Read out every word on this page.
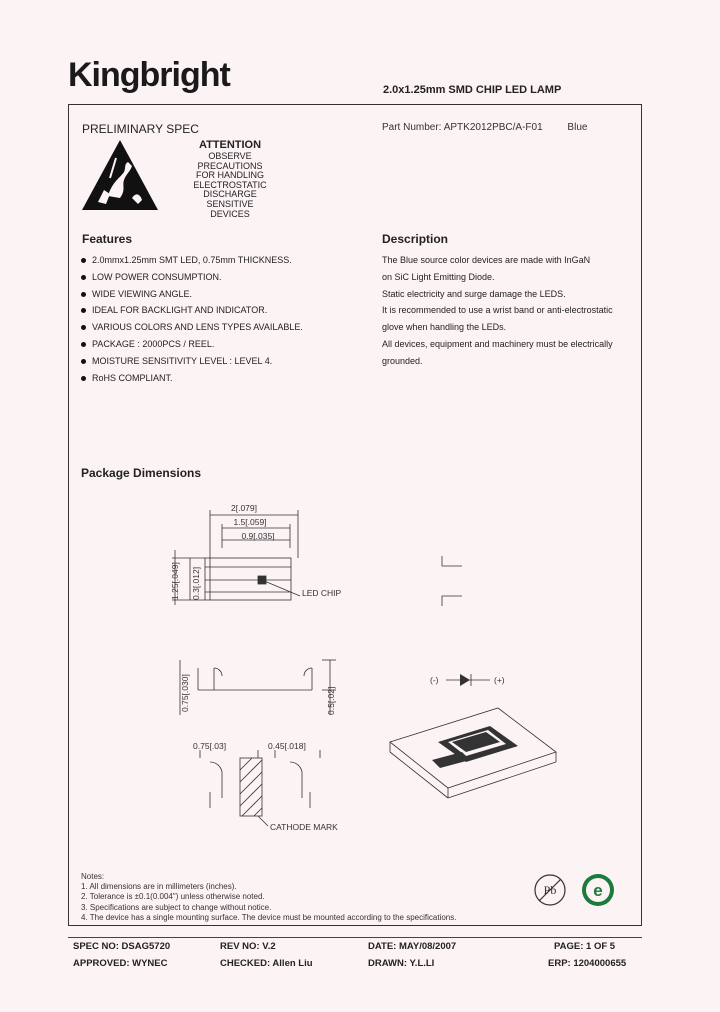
Kingbright	2.0x1.25mm SMD CHIP LED LAMP
PRELIMINARY SPEC	Part Number: APTK2012PBC/A-F01 Blue
ATTENTION
OBSERVE PRECAUTIONS
FOR HANDLING
ELECTROSTATIC
DISCHARGE
SENSITIVE
DEVICES
Features
2.0mmx1.25mm SMT LED, 0.75mm THICKNESS.
LOW POWER CONSUMPTION.
WIDE VIEWING ANGLE.
IDEAL FOR BACKLIGHT AND INDICATOR.
VARIOUS COLORS AND LENS TYPES AVAILABLE.
PACKAGE : 2000PCS / REEL.
MOISTURE SENSITIVITY LEVEL : LEVEL 4.
RoHS COMPLIANT.
Description
The Blue source color devices are made with InGaN
on SiC Light Emitting Diode.
Static electricity and surge damage the LEDS.
It is recommended to use a wrist band or anti-electrostatic
glove when handling the LEDs.
All devices, equipment and machinery must be electrically
grounded.
Package Dimensions
2[.079]
1.5[.059]
0.9[.035]
1.25[.049] 0.3[.012]	LED CHIP
0.75[.030]	0.5[.02]
(-)	(+)
0.75[.03]	0.45[.018]
CATHODE MARK
Notes:
1. All dimensions are in millimeters (inches).
2. Tolerance is ±0.1(0.004") unless otherwise noted.
3. Specifications are subject to change without notice.
4. The device has a single mounting surface. The device must be mounted according to the specifications.
Pb e
SPEC NO: DSAG5720	REV NO: V.2	DATE: MAY/08/2007	PAGE: 1 OF 5
APPROVED: WYNEC	CHECKED: Allen Liu	DRAWN: Y.L.LI	ERP: 1204000655
